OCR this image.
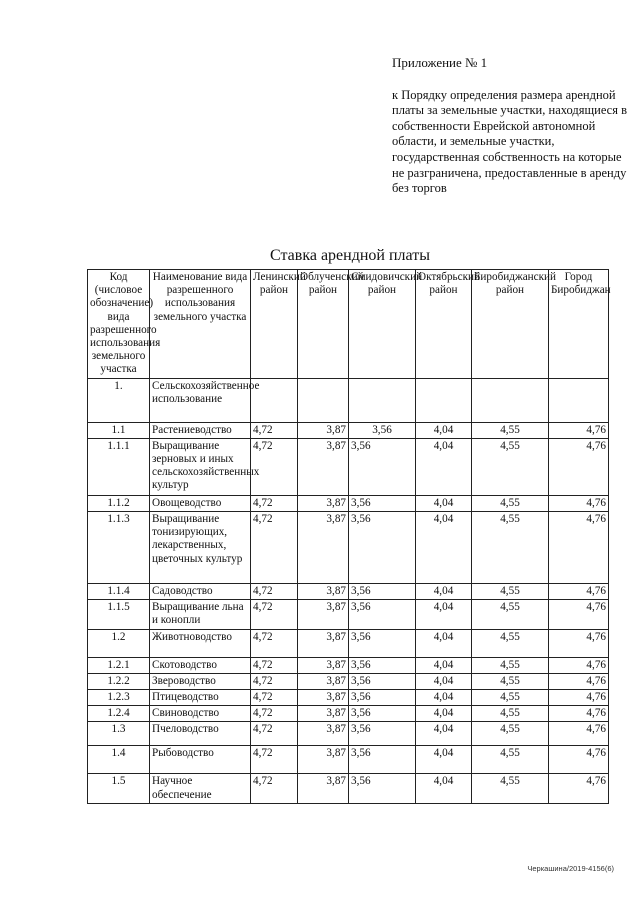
Приложение № 1

к Порядку определения размера арендной платы за земельные участки, находящиеся в собственности Еврейской автономной области, и земельные участки, государственная собственность на которые не разграничена, предоставленные в аренду без торгов

Ставка арендной платы
Код (числовое обозначение) вида разрешенного использования земельного участка	Наименование вида разрешенного использования земельного участка	Ленинский район	Облученский район	Смидовичский район	Октябрьский район	Биробиджанский район	Город Биробиджан
1.	Сельскохозяйственное использование						
1.1	Растениеводство	4,72	3,87	3,56	4,04	4,55	4,76
1.1.1	Выращивание зерновых и иных сельскохозяйственных культур	4,72	3,87	3,56	4,04	4,55	4,76
1.1.2	Овощеводство	4,72	3,87	3,56	4,04	4,55	4,76
1.1.3	Выращивание тонизирующих, лекарственных, цветочных культур	4,72	3,87	3,56	4,04	4,55	4,76
1.1.4	Садоводство	4,72	3,87	3,56	4,04	4,55	4,76
1.1.5	Выращивание льна и конопли	4,72	3,87	3,56	4,04	4,55	4,76
1.2	Животноводство	4,72	3,87	3,56	4,04	4,55	4,76
1.2.1	Скотоводство	4,72	3,87	3,56	4,04	4,55	4,76
1.2.2	Звероводство	4,72	3,87	3,56	4,04	4,55	4,76
1.2.3	Птицеводство	4,72	3,87	3,56	4,04	4,55	4,76
1.2.4	Свиноводство	4,72	3,87	3,56	4,04	4,55	4,76
1.3	Пчеловодство	4,72	3,87	3,56	4,04	4,55	4,76
1.4	Рыбоводство	4,72	3,87	3,56	4,04	4,55	4,76
1.5	Научное обеспечение	4,72	3,87	3,56	4,04	4,55	4,76
Черкашина/2019-4156(6)
